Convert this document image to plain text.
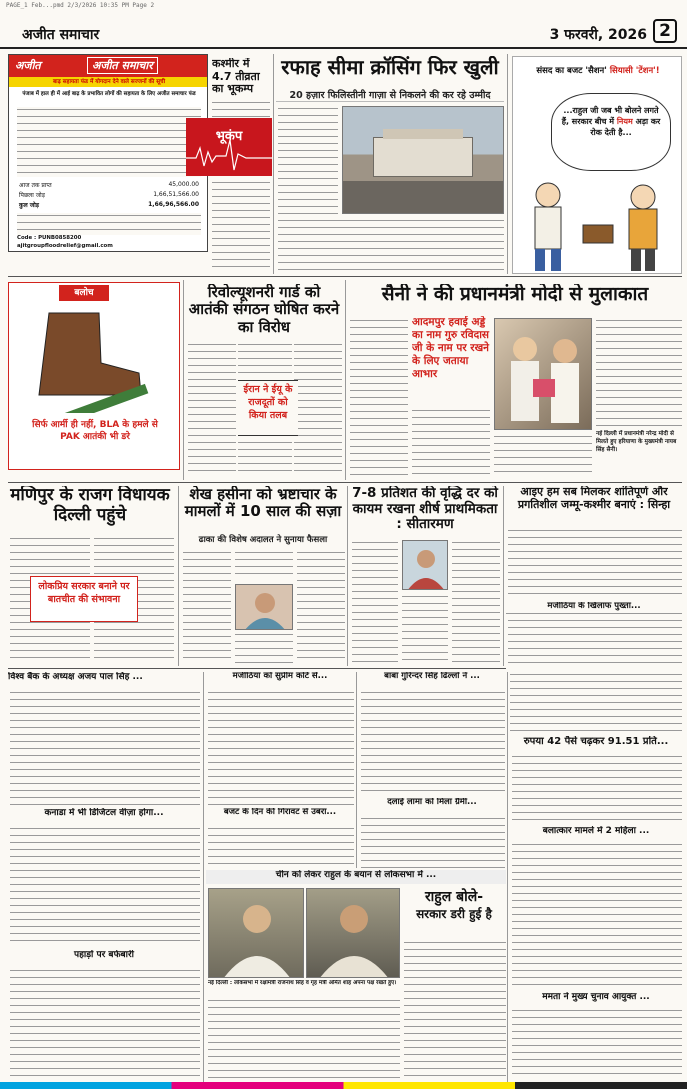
PAGE_1 Feb...pmd 2/3/2026 10:35 PM Page 2
अजीत समाचार	3 फरवरी, 2026 2
अजीत	अजीत समाचार
बाढ़ सहायता फंड में योगदान देने वाले सज्जनों की सूची
पंजाब में हाल ही में आई बाढ़ के प्रभावित लोगों की सहायता के लिए अजीत समाचार फंड
आज तक प्राप्त	45,000.00
पिछला जोड़	1,66,51,566.00
कुल जोड़	1,66,96,566.00
Code : PUNB0858200
ajitgroupfloodrelief@gmail.com
कश्मीर में 4.7 तीव्रता का भूकम्प
भूकंप
रफाह सीमा क्रॉसिंग फिर खुली
20 हज़ार फिलिस्तीनी गाज़ा से निकलने की कर रहे उम्मीद
संसद का बजट 'सैशन' सियासी 'टेंशन'!
...राहुल जी जब भी बोलने लगते हैं, सरकार बीच में नियम अड़ा कर रोक देती है...
बलोच
सिर्फ आर्मी ही नहीं, BLA के हमले से PAK आतंकी भी डरे
रिवोल्यूशनरी गार्ड को आतंकी संगठन घोषित करने का विरोध
ईरान ने ईयू के राजदूतों को किया तलब
सैनी ने की प्रधानमंत्री मोदी से मुलाकात
आदमपुर हवाई अड्डे का नाम गुरु रविदास जी के नाम पर रखने के लिए जताया आभार
नई दिल्ली में प्रधानमंत्री नरेन्द्र मोदी से मिलते हुए हरियाणा के मुख्यमंत्री नायब सिंह सैनी।
मणिपुर के राजग विधायक दिल्ली पहुंचे
लोकप्रिय सरकार बनाने पर बातचीत की संभावना
शेख हसीना को भ्रष्टाचार के मामलों में 10 साल की सज़ा
ढाका की विशेष अदालत ने सुनाया फैसला
7-8 प्रतिशत की वृद्धि दर को कायम रखना शीर्ष प्राथमिकता : सीतारमण
आइए हम सब मिलकर शांतिपूर्ण और प्रगतिशील जम्मू-कश्मीर बनाएं : सिन्हा
मजीठिया के खिलाफ पुख्ता...
विश्व बैंक के अध्यक्ष अजय पाल सिंह ...
कनाडा में भी डिजिटल वीज़ा होगा...
पहाड़ों पर बर्फबारी
मजीठिया को सुप्रीम कोर्ट से...
बजट के दिन की गिरावट से उबरा...
बाबा गुरिन्दर सिंह ढिल्लों ने ...
दलाई लामा को मिला ग्रैमी...
चीन को लेकर राहुल के बयान से लोकसभा में ...
राहुल बोले-
सरकार डरी हुई है
नई दिल्ली : लोकसभा में रक्षामंत्री राजनाथ सिंह व गृह मंत्री अमित शाह अपना पक्ष रखते हुए।
रुपया 42 पैसे चढ़कर 91.51 प्रति...
बलात्कार मामले में 2 महिला ...
ममता ने मुख्य चुनाव आयुक्त ...
